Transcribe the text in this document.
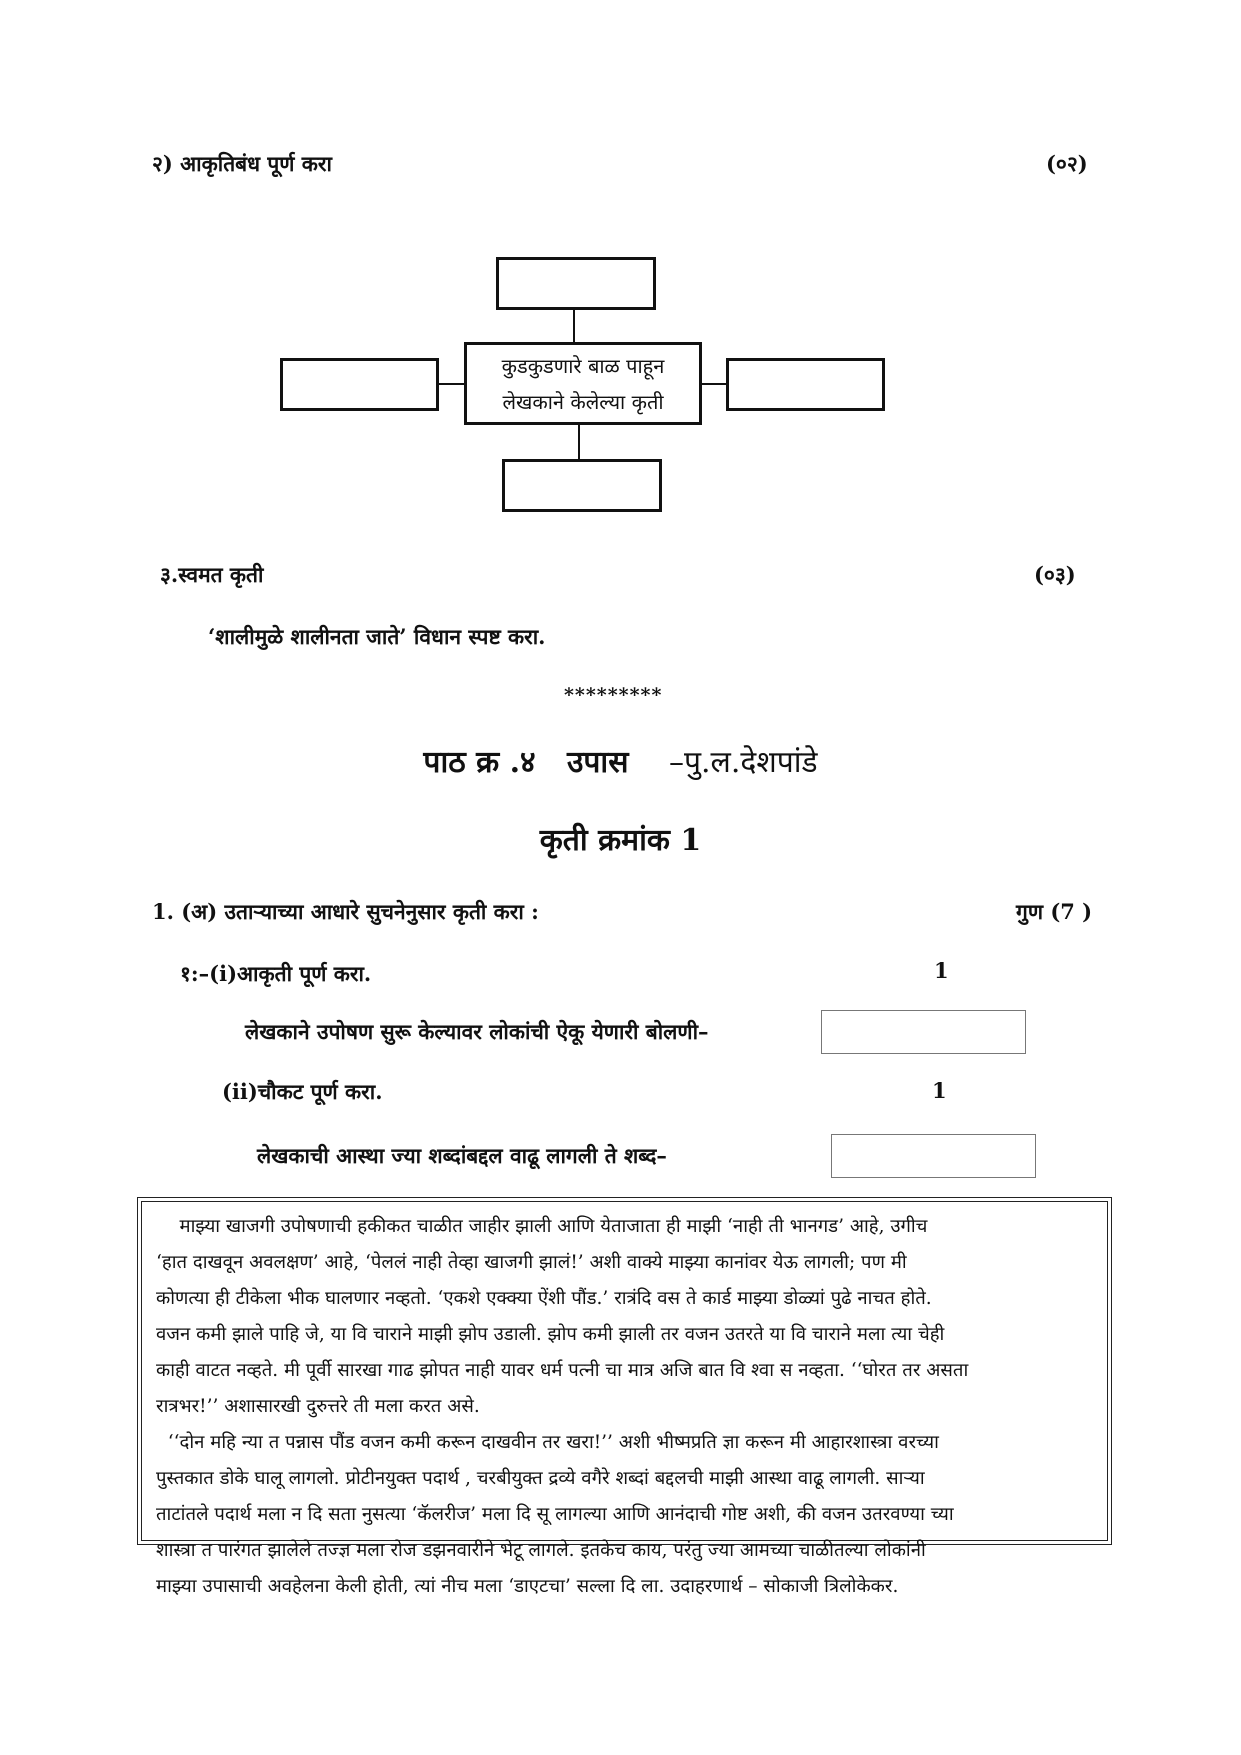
२) आकृतिबंध पूर्ण करा	(०२)
कुडकुडणारे बाळ पाहून
लेखकाने केलेल्या कृती
३.स्वमत कृती	(०३)
‘शालीमुळे शालीनता जाते’ विधान स्पष्ट करा.
*********
पाठ क्र .४   उपास –पु.ल.देशपांडे
कृती क्रमांक 1
1. (अ) उताऱ्याच्या आधारे सुचनेनुसार कृती करा :	गुण (7 )
१:–(i)आकृती पूर्ण करा.	1
लेखकाने उपोषण सुरू केल्यावर लोकांची ऐकू येणारी बोलणी–
(ii)चौकट पूर्ण करा.	1
लेखकाची आस्था ज्या शब्दांबद्दल वाढू लागली ते शब्द–
माझ्या खाजगी उपोषणाची हकीकत चाळीत जाहीर झाली आणि येताजाता ही माझी ‘नाही ती भानगड’ आहे, उगीच
‘हात दाखवून अवलक्षण’ आहे, ‘पेललं नाही तेव्हा खाजगी झालं!’ अशी वाक्ये माझ्या कानांवर येऊ लागली; पण मी
कोणत्या ही टीकेला भीक घालणार नव्हतो. ‘एकशे एक्क्या ऐंशी पौंड.’ रात्रंदि वस ते कार्ड माझ्या डोळ्यां पुढे नाचत होते.
वजन कमी झाले पाहि जे, या वि चाराने माझी झोप उडाली. झोप कमी झाली तर वजन उतरते या वि चाराने मला त्या चेही
काही वाटत नव्हते. मी पूर्वी सारखा गाढ झोपत नाही यावर धर्म पत्नी चा मात्र अजि बात वि श्वा स नव्हता. ‘‘घोरत तर असता
रात्रभर!’’ अशासारखी दुरुत्तरे ती मला करत असे.
‘‘दोन महि न्या त पन्नास पौंड वजन कमी करून दाखवीन तर खरा!’’ अशी भीष्मप्रति ज्ञा करून मी आहारशास्त्रा वरच्या
पुस्तकात डोके घालू लागलो. प्रोटीनयुक्त पदार्थ , चरबीयुक्त द्रव्ये वगैरे शब्दां बद्दलची माझी आस्था वाढू लागली. साऱ्या
ताटांतले पदार्थ मला न दि सता नुसत्या ‘कॅलरीज’ मला दि सू लागल्या आणि आनंदाची गोष्ट अशी, की वजन उतरवण्या च्या
शास्त्रा त पारंगत झालेले तज्ज्ञ मला रोज डझनवारीने भेटू लागले. इतकेच काय, परंतु ज्या आमच्या चाळीतल्या लोकांनी
माझ्या उपासाची अवहेलना केली होती, त्यां नीच मला ‘डाएटचा’ सल्ला दि ला. उदाहरणार्थ – सोकाजी त्रिलोकेकर.
